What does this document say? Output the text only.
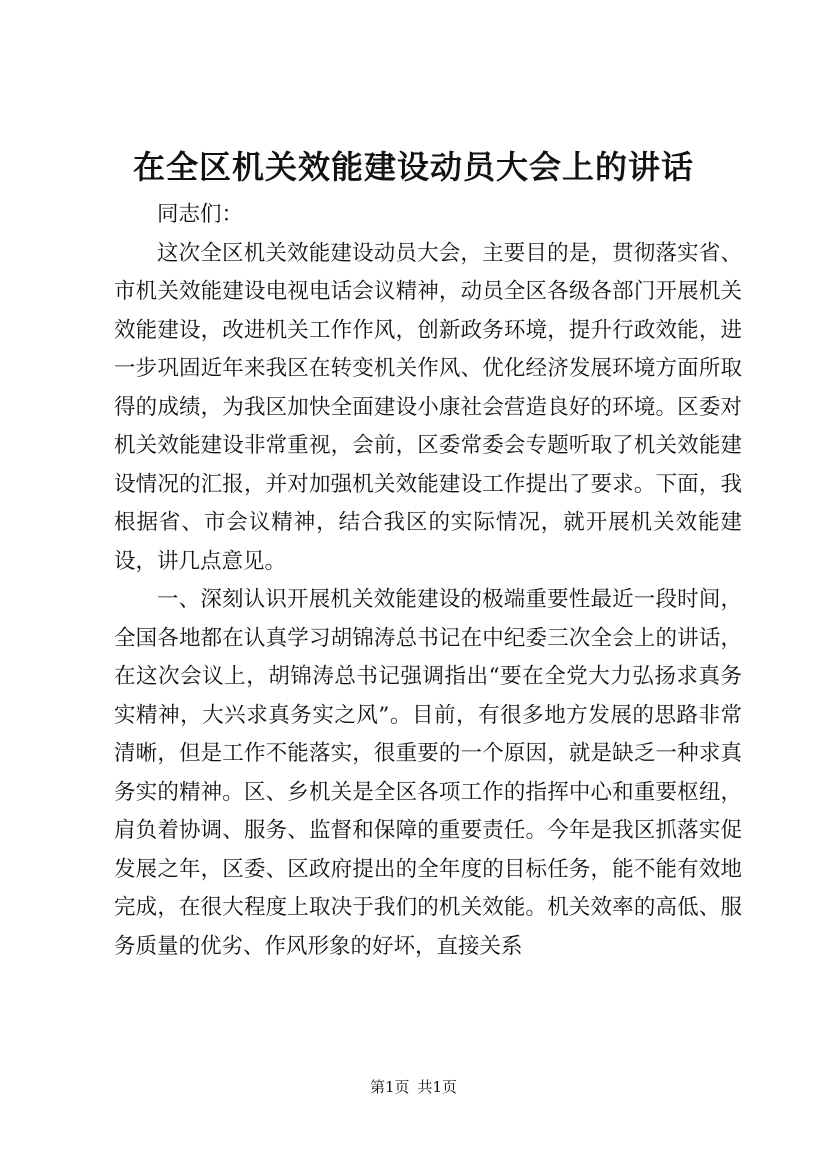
在全区机关效能建设动员大会上的讲话

同志们：

这次全区机关效能建设动员大会，主要目的是，贯彻落实省、市机关效能建设电视电话会议精神，动员全区各级各部门开展机关效能建设，改进机关工作作风，创新政务环境，提升行政效能，进一步巩固近年来我区在转变机关作风、优化经济发展环境方面所取得的成绩，为我区加快全面建设小康社会营造良好的环境。区委对机关效能建设非常重视，会前，区委常委会专题听取了机关效能建设情况的汇报，并对加强机关效能建设工作提出了要求。下面，我根据省、市会议精神，结合我区的实际情况，就开展机关效能建设，讲几点意见。

一、深刻认识开展机关效能建设的极端重要性最近一段时间，全国各地都在认真学习胡锦涛总书记在中纪委三次全会上的讲话，在这次会议上，胡锦涛总书记强调指出“要在全党大力弘扬求真务实精神，大兴求真务实之风”。目前，有很多地方发展的思路非常清晰，但是工作不能落实，很重要的一个原因，就是缺乏一种求真务实的精神。区、乡机关是全区各项工作的指挥中心和重要枢纽，肩负着协调、服务、监督和保障的重要责任。今年是我区抓落实促发展之年，区委、区政府提出的全年度的目标任务，能不能有效地完成，在很大程度上取决于我们的机关效能。机关效率的高低、服务质量的优劣、作风形象的好坏，直接关系

第1页 共1页
